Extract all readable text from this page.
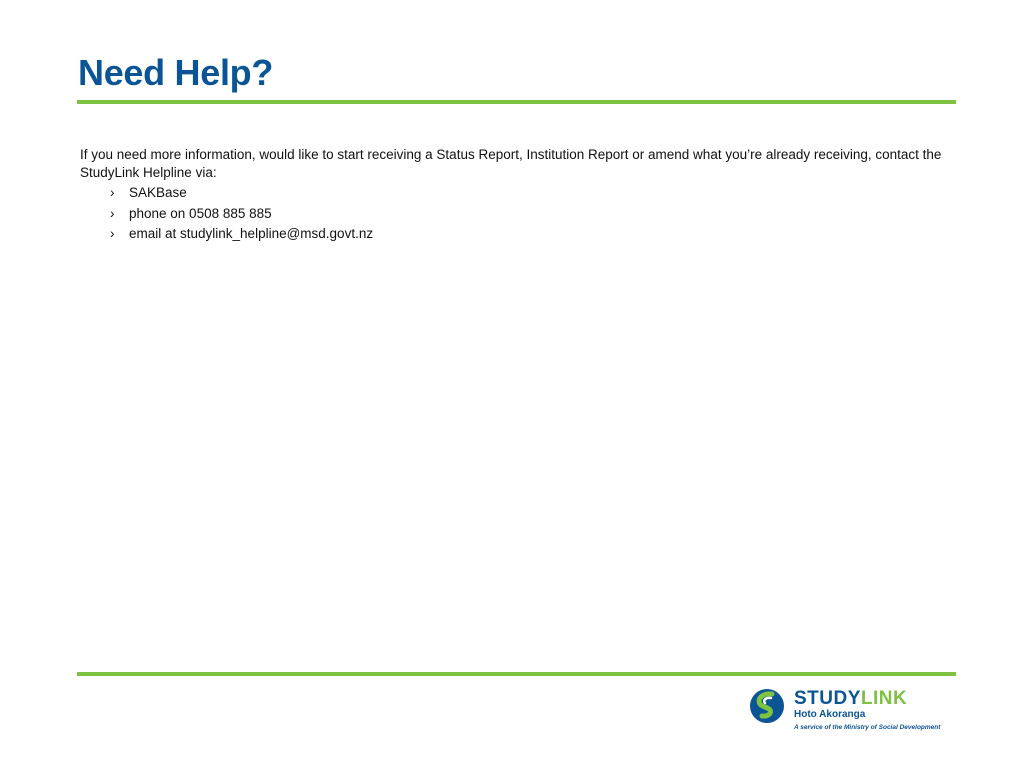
Need Help?

If you need more information, would like to start receiving a Status Report, Institution Report or amend what you’re already receiving, contact the StudyLink Helpline via:

› SAKBase
› phone on 0508 885 885
› email at studylink_helpline@msd.govt.nz
STUDYLINK
Hoto Akoranga
A service of the Ministry of Social Development
